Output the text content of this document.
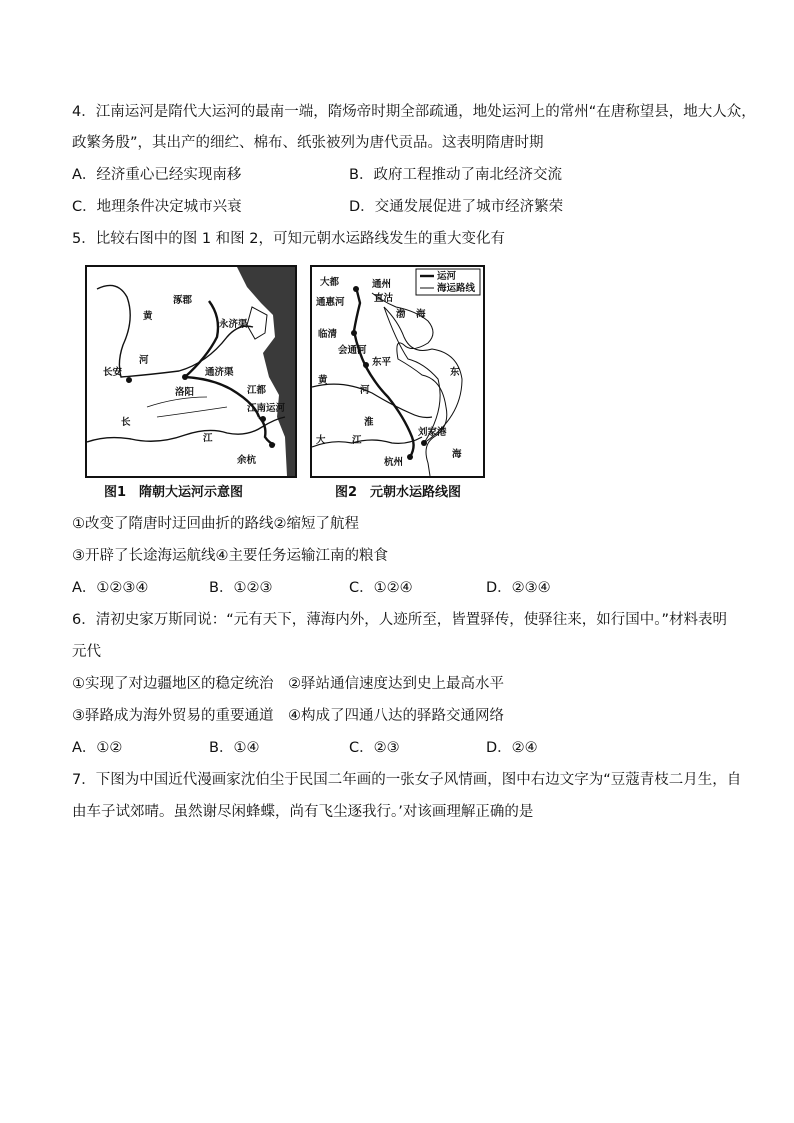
4．江南运河是隋代大运河的最南一端，隋炀帝时期全部疏通，地处运河上的常州“在唐称望县，地大人众，
政繁务殷”，其出产的细纻、棉布、纸张被列为唐代贡品。这表明隋唐时期
A．经济重心已经实现南移	B．政府工程推动了南北经济交流
C．地理条件决定城市兴衰	D．交通发展促进了城市经济繁荣
5．比较右图中的图 1 和图 2，可知元朝水运路线发生的重大变化有
涿郡
永济渠
黄
河
长安
洛阳
通济渠
江都
江南运河
长
江
余杭
图1　隋朝大运河示意图
运河
海运路线
大都
通惠河
通州
直沽
渤 海
临清
会通河
东平
东
黄
河
淮
大	江
刘家港
杭州
海
图2　元朝水运路线图
①改变了隋唐时迂回曲折的路线②缩短了航程
③开辟了长途海运航线④主要任务运输江南的粮食
A．①②③④	B．①②③	C．①②④	D．②③④
6．清初史家万斯同说：“元有天下，薄海内外，人迹所至，皆置驿传，使驿往来，如行国中。”材料表明
元代
①实现了对边疆地区的稳定统治　②驿站通信速度达到史上最高水平
③驿路成为海外贸易的重要通道　④构成了四通八达的驿路交通网络
A．①②	B．①④	C．②③	D．②④
7．下图为中国近代漫画家沈伯尘于民国二年画的一张女子风情画，图中右边文字为“豆蔻青枝二月生，自
由车子试郊晴。虽然谢尽闲蜂蝶，尚有飞尘逐我行。’对该画理解正确的是
